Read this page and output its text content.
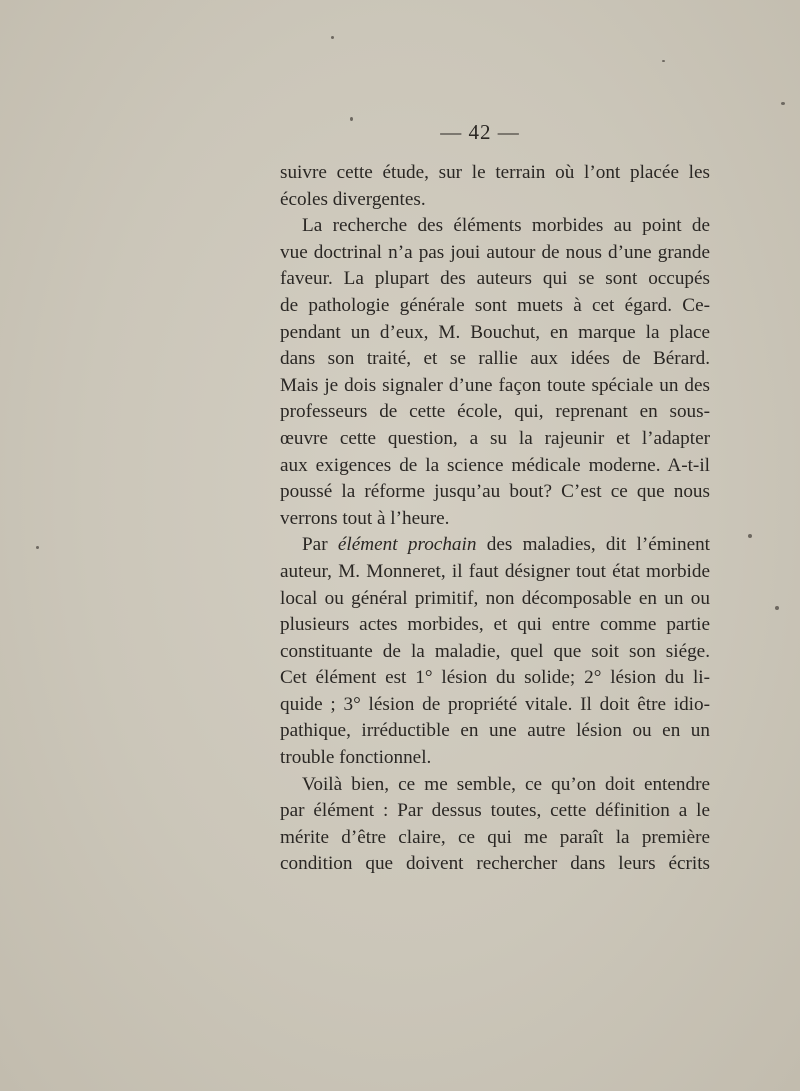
— 42 —
suivre cette étude, sur le terrain où l’ont placée les
écoles divergentes.
La recherche des éléments morbides au point de
vue doctrinal n’a pas joui autour de nous d’une grande
faveur. La plupart des auteurs qui se sont occupés
de pathologie générale sont muets à cet égard. Ce-
pendant un d’eux, M. Bouchut, en marque la place
dans son traité, et se rallie aux idées de Bérard.
Mais je dois signaler d’une façon toute spéciale un des
professeurs de cette école, qui, reprenant en sous-
œuvre cette question, a su la rajeunir et l’adapter
aux exigences de la science médicale moderne. A-t-il
poussé la réforme jusqu’au bout? C’est ce que nous
verrons tout à l’heure.
Par élément prochain des maladies, dit l’éminent
auteur, M. Monneret, il faut désigner tout état morbide
local ou général primitif, non décomposable en un ou
plusieurs actes morbides, et qui entre comme partie
constituante de la maladie, quel que soit son siége.
Cet élément est 1° lésion du solide; 2° lésion du li-
quide ; 3° lésion de propriété vitale. Il doit être idio-
pathique, irréductible en une autre lésion ou en un
trouble fonctionnel.
Voilà bien, ce me semble, ce qu’on doit entendre
par élément : Par dessus toutes, cette définition a le
mérite d’être claire, ce qui me paraît la première
condition que doivent rechercher dans leurs écrits
